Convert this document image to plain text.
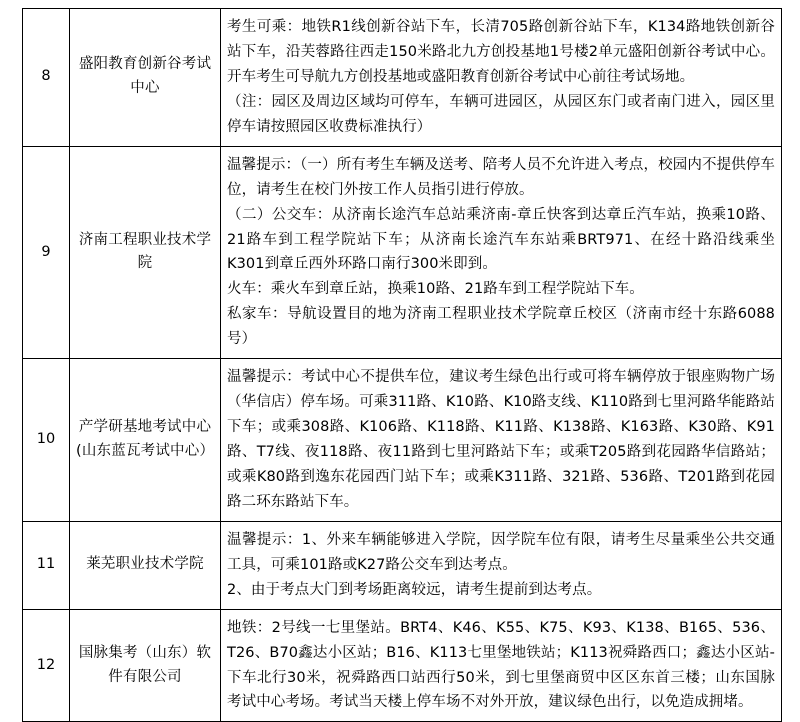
8	盛阳教育创新谷考试中心	考生可乘：地铁R1线创新谷站下车，长清705路创新谷站下车，K134路地铁创新谷站下车，沿芙蓉路往西走150米路北九方创投基地1号楼2单元盛阳创新谷考试中心。开车考生可导航九方创投基地或盛阳教育创新谷考试中心前往考试场地。

（注：园区及周边区域均可停车，车辆可进园区，从园区东门或者南门进入，园区里停车请按照园区收费标准执行）

9	济南工程职业技术学院	温馨提示：（一）所有考生车辆及送考、陪考人员不允许进入考点，校园内不提供停车位，请考生在校门外按工作人员指引进行停放。

（二）公交车：从济南长途汽车总站乘济南-章丘快客到达章丘汽车站，换乘10路、21路车到工程学院站下车；从济南长途汽车东站乘BRT971、在经十路沿线乘坐K301到章丘西外环路口南行300米即到。

火车：乘火车到章丘站，换乘10路、21路车到工程学院站下车。

私家车：导航设置目的地为济南工程职业技术学院章丘校区（济南市经十东路6088号）

10	产学研基地考试中心(山东蓝瓦考试中心）	温馨提示：考试中心不提供车位，建议考生绿色出行或可将车辆停放于银座购物广场（华信店）停车场。可乘311路、K10路、K10路支线、K110路到七里河路华能路站下车；或乘308路、K106路、K118路、K11路、K138路、K163路、K30路、K91路、T7线、夜118路、夜11路到七里河路站下车；或乘T205路到花园路华信路站；或乘K80路到逸东花园西门站下车；或乘K311路、321路、536路、T201路到花园路二环东路站下车。

11	莱芜职业技术学院	温馨提示：1、外来车辆能够进入学院，因学院车位有限，请考生尽量乘坐公共交通工具，可乘101路或K27路公交车到达考点。

2、由于考点大门到考场距离较远，请考生提前到达考点。

12	国脉集考（山东）软件有限公司	地铁：2号线一七里堡站。BRT4、K46、K55、K75、K93、K138、B165、536、T26、B70鑫达小区站；B16、K113七里堡地铁站；K113祝舜路西口；鑫达小区站-下车北行30米，祝舜路西口站西行50米，到七里堡商贸中区区东首三楼；山东国脉考试中心考场。考试当天楼上停车场不对外开放，建议绿色出行，以免造成拥堵。
